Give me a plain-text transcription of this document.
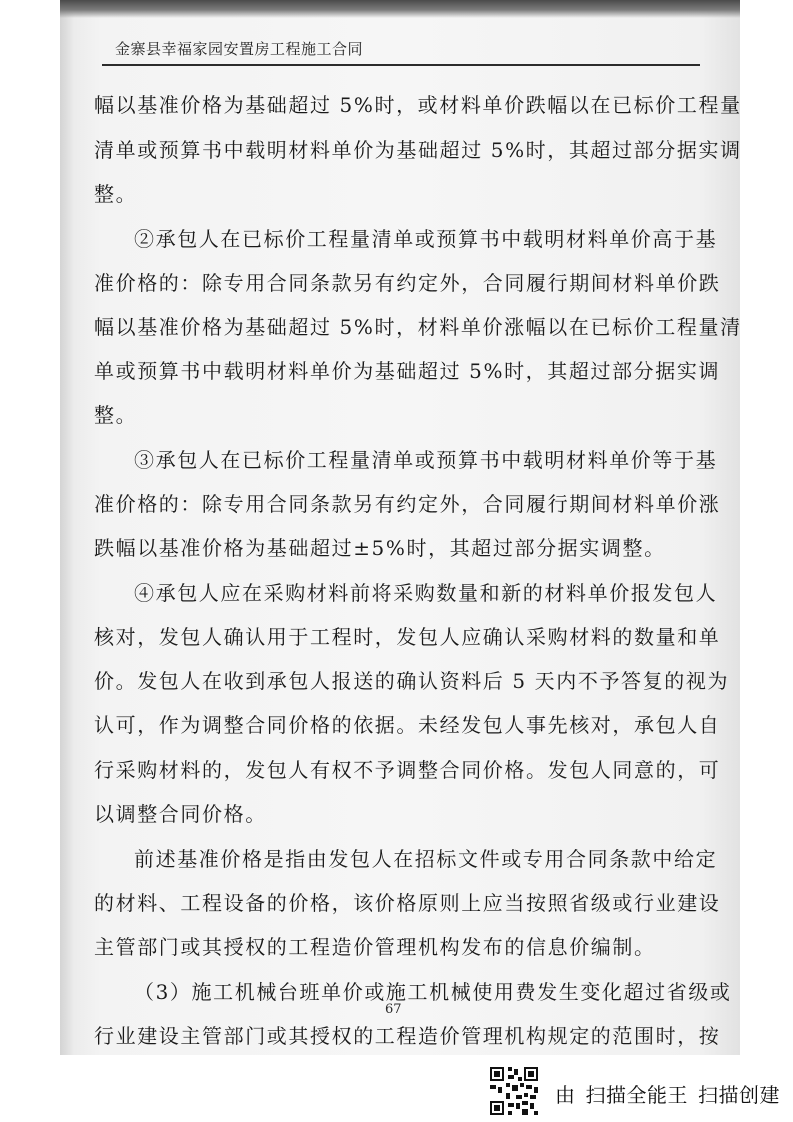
金寨县幸福家园安置房工程施工合同
幅以基准价格为基础超过 5%时，或材料单价跌幅以在已标价工程量
清单或预算书中载明材料单价为基础超过 5%时，其超过部分据实调
整。
②承包人在已标价工程量清单或预算书中载明材料单价高于基
准价格的：除专用合同条款另有约定外，合同履行期间材料单价跌
幅以基准价格为基础超过 5%时，材料单价涨幅以在已标价工程量清
单或预算书中载明材料单价为基础超过 5%时，其超过部分据实调
整。
③承包人在已标价工程量清单或预算书中载明材料单价等于基
准价格的：除专用合同条款另有约定外，合同履行期间材料单价涨
跌幅以基准价格为基础超过±5%时，其超过部分据实调整。
④承包人应在采购材料前将采购数量和新的材料单价报发包人
核对，发包人确认用于工程时，发包人应确认采购材料的数量和单
价。发包人在收到承包人报送的确认资料后 5 天内不予答复的视为
认可，作为调整合同价格的依据。未经发包人事先核对，承包人自
行采购材料的，发包人有权不予调整合同价格。发包人同意的，可
以调整合同价格。
前述基准价格是指由发包人在招标文件或专用合同条款中给定
的材料、工程设备的价格，该价格原则上应当按照省级或行业建设
主管部门或其授权的工程造价管理机构发布的信息价编制。
（3）施工机械台班单价或施工机械使用费发生变化超过省级或
行业建设主管部门或其授权的工程造价管理机构规定的范围时，按
67
由 扫描全能王 扫描创建
